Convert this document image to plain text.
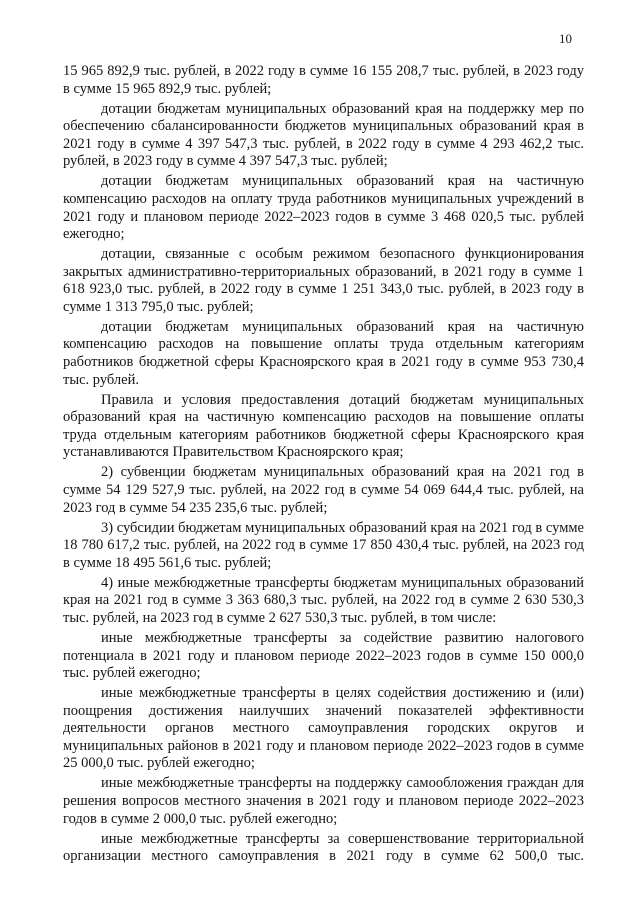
10

15 965 892,9 тыс. рублей, в 2022 году в сумме 16 155 208,7 тыс. рублей, в 2023 году в сумме 15 965 892,9 тыс. рублей;

дотации бюджетам муниципальных образований края на поддержку мер по обеспечению сбалансированности бюджетов муниципальных образований края в 2021 году в сумме 4 397 547,3 тыс. рублей, в 2022 году в сумме 4 293 462,2 тыс. рублей, в 2023 году в сумме 4 397 547,3 тыс. рублей;

дотации бюджетам муниципальных образований края на частичную компенсацию расходов на оплату труда работников муниципальных учреждений в 2021 году и плановом периоде 2022–2023 годов в сумме 3 468 020,5 тыс. рублей ежегодно;

дотации, связанные с особым режимом безопасного функционирования закрытых административно-территориальных образований, в 2021 году в сумме 1 618 923,0 тыс. рублей, в 2022 году в сумме 1 251 343,0 тыс. рублей, в 2023 году в сумме 1 313 795,0 тыс. рублей;

дотации бюджетам муниципальных образований края на частичную компенсацию расходов на повышение оплаты труда отдельным категориям работников бюджетной сферы Красноярского края в 2021 году в сумме 953 730,4 тыс. рублей.

Правила и условия предоставления дотаций бюджетам муниципальных образований края на частичную компенсацию расходов на повышение оплаты труда отдельным категориям работников бюджетной сферы Красноярского края устанавливаются Правительством Красноярского края;

2) субвенции бюджетам муниципальных образований края на 2021 год в сумме 54 129 527,9 тыс. рублей, на 2022 год в сумме 54 069 644,4 тыс. рублей, на 2023 год в сумме 54 235 235,6 тыс. рублей;

3) субсидии бюджетам муниципальных образований края на 2021 год в сумме 18 780 617,2 тыс. рублей, на 2022 год в сумме 17 850 430,4 тыс. рублей, на 2023 год в сумме 18 495 561,6 тыс. рублей;

4) иные межбюджетные трансферты бюджетам муниципальных образований края на 2021 год в сумме 3 363 680,3 тыс. рублей, на 2022 год в сумме 2 630 530,3 тыс. рублей, на 2023 год в сумме 2 627 530,3 тыс. рублей, в том числе:

иные межбюджетные трансферты за содействие развитию налогового потенциала в 2021 году и плановом периоде 2022–2023 годов в сумме 150 000,0 тыс. рублей ежегодно;

иные межбюджетные трансферты в целях содействия достижению и (или) поощрения достижения наилучших значений показателей эффективности деятельности органов местного самоуправления городских округов и муниципальных районов в 2021 году и плановом периоде 2022–2023 годов в сумме 25 000,0 тыс. рублей ежегодно;

иные межбюджетные трансферты на поддержку самообложения граждан для решения вопросов местного значения в 2021 году и плановом периоде 2022–2023 годов в сумме 2 000,0 тыс. рублей ежегодно;

иные межбюджетные трансферты за совершенствование территориальной организации местного самоуправления в 2021 году в сумме 62 500,0 тыс.
